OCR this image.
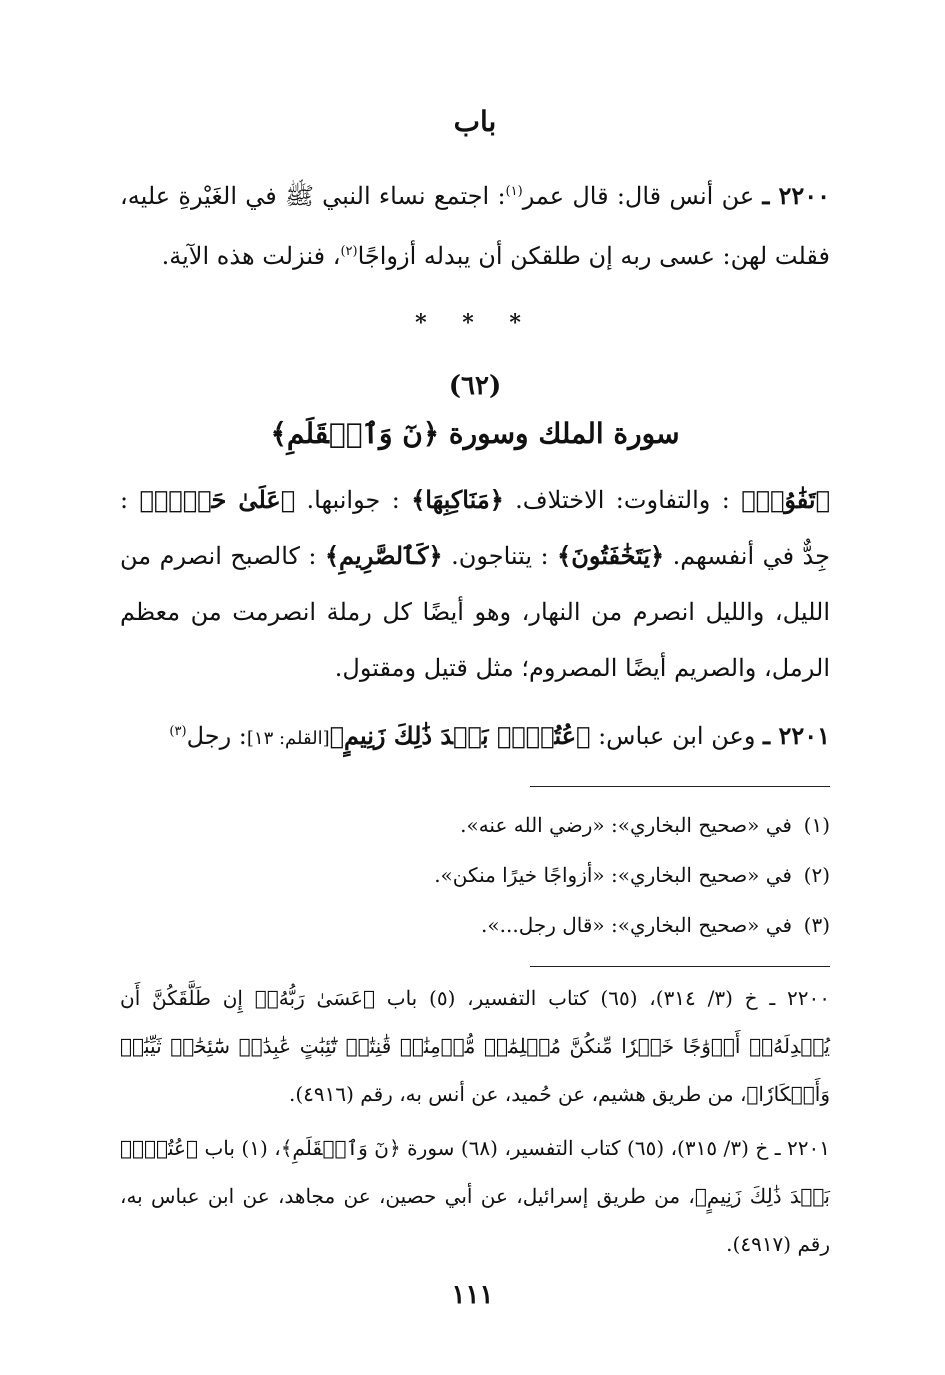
باب

٢٢٠٠ ـ عن أنس قال: قال عمر$^{(١)}$: اجتمع نساء النبي ﷺ في الغَيْرةِ عليه، فقلت لهن: عسى ربه إن طلقكن أن يبدله أزواجًا$^{(٢)}$، فنزلت هذه الآية.

* * *
(٦٢)
سورة الملك وسورة ﴿نٓ وَٱلۡقَلَمِ﴾

﴿تَفَٰوُتٖ﴾ : والتفاوت: الاختلاف. ﴿مَنَاكِبِهَا﴾ : جوانبها. ﴿عَلَىٰ حَرۡدٖ﴾ : جِدٌّ في أنفسهم. ﴿يَتَخَٰفَتُونَ﴾ : يتناجون. ﴿كَٱلصَّرِيمِ﴾ : كالصبح انصرم من الليل، والليل انصرم من النهار، وهو أيضًا كل رملة انصرمت من معظم الرمل، والصريم أيضًا المصروم؛ مثل قتيل ومقتول.

٢٢٠١ ـ وعن ابن عباس: ﴿عُتُلِّۢ بَعۡدَ ذَٰلِكَ زَنِيمٍ﴾[القلم: ١٣]: رجل$^{(٣)}$

(١)في «صحيح البخاري»: «رضي الله عنه».
(٢)في «صحيح البخاري»: «أزواجًا خيرًا منكن».
(٣)في «صحيح البخاري»: «قال رجل...».

٢٢٠٠ ـ خ (٣/ ٣١٤)، (٦٥) كتاب التفسير، (٥) باب ﴿عَسَىٰ رَبُّهُۥٓ إِن طَلَّقَكُنَّ أَن يُبۡدِلَهُۥٓ أَزۡوَٰجًا خَيۡرٗا مِّنكُنَّ مُسۡلِمَٰتٖ مُّؤۡمِنَٰتٖ قَٰنِتَٰتٖ تَٰٓئِبَٰتٍ عَٰبِدَٰتٖ سَٰٓئِحَٰتٖ ثَيِّبَٰتٖ وَأَبۡكَارٗا﴾، من طريق هشيم، عن حُميد، عن أنس به، رقم (٤٩١٦).

٢٢٠١ ـ خ (٣/ ٣١٥)، (٦٥) كتاب التفسير، (٦٨) سورة ﴿نٓ وَٱلۡقَلَمِ﴾، (١) باب ﴿عُتُلِّۢ بَعۡدَ ذَٰلِكَ زَنِيمٍ﴾، من طريق إسرائيل، عن أبي حصين، عن مجاهد، عن ابن عباس به، رقم (٤٩١٧).

١١١
